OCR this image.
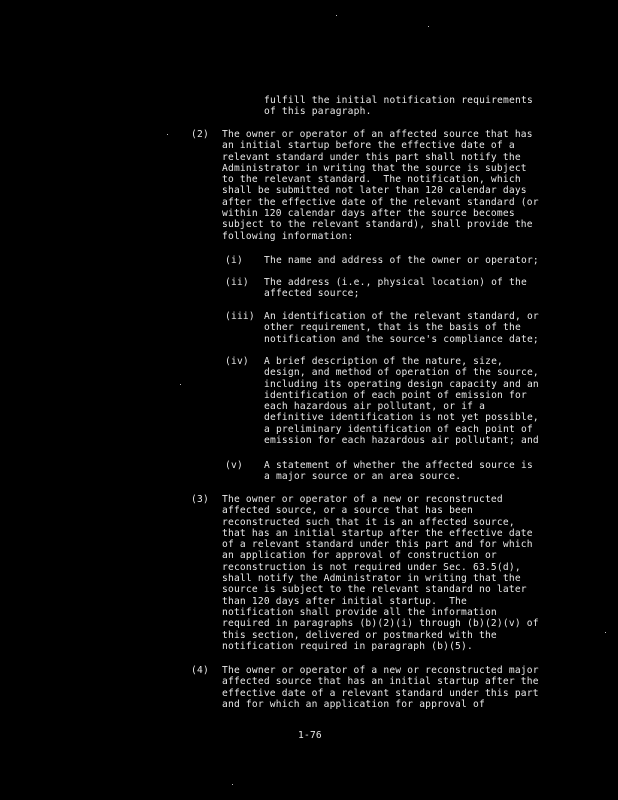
fulfill the initial notification requirements
of this paragraph.
(2) The owner or operator of an affected source that has
an initial startup before the effective date of a
relevant standard under this part shall notify the
Administrator in writing that the source is subject
to the relevant standard.  The notification, which
shall be submitted not later than 120 calendar days
after the effective date of the relevant standard (or
within 120 calendar days after the source becomes
subject to the relevant standard), shall provide the
following information:
(i) The name and address of the owner or operator;
(ii) The address (i.e., physical location) of the
affected source;
(iii) An identification of the relevant standard, or
other requirement, that is the basis of the
notification and the source's compliance date;
(iv) A brief description of the nature, size,
design, and method of operation of the source,
including its operating design capacity and an
identification of each point of emission for
each hazardous air pollutant, or if a
definitive identification is not yet possible,
a preliminary identification of each point of
emission for each hazardous air pollutant; and
(v) A statement of whether the affected source is
a major source or an area source.
(3) The owner or operator of a new or reconstructed
affected source, or a source that has been
reconstructed such that it is an affected source,
that has an initial startup after the effective date
of a relevant standard under this part and for which
an application for approval of construction or
reconstruction is not required under Sec. 63.5(d),
shall notify the Administrator in writing that the
source is subject to the relevant standard no later
than 120 days after initial startup.  The
notification shall provide all the information
required in paragraphs (b)(2)(i) through (b)(2)(v) of
this section, delivered or postmarked with the
notification required in paragraph (b)(5).
(4) The owner or operator of a new or reconstructed major
affected source that has an initial startup after the
effective date of a relevant standard under this part
and for which an application for approval of
1-76
